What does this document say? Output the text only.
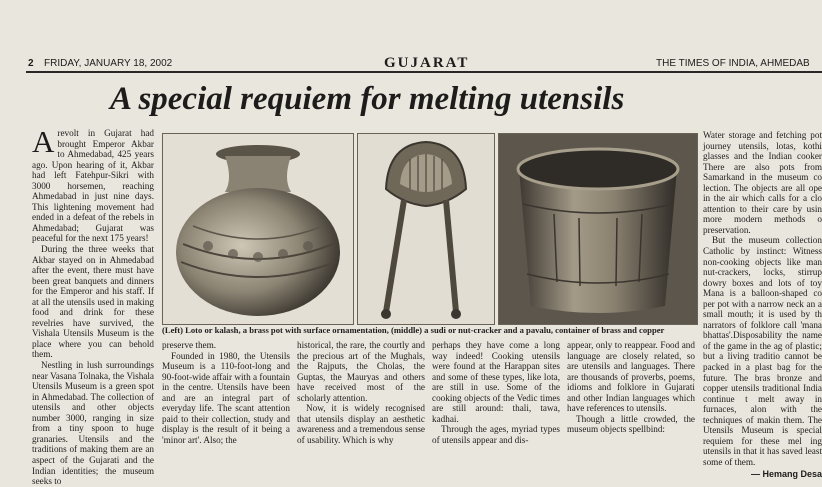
2 FRIDAY, JANUARY 18, 2002	GUJARAT	THE TIMES OF INDIA, AHMEDAB
A special requiem for melting utensils
A revolt in Gujarat had brought Emperor Akbar to Ahmedabad, 425 years ago. Upon hearing of it, Akbar had left Fatehpur-Sikri with 3000 horsemen, reaching Ahmedabad in just nine days. This lightening movement had ended in a defeat of the rebels in Ahmedabad; Gujarat was peaceful for the next 175 years!

During the three weeks that Akbar stayed on in Ahmedabad after the event, there must have been great banquets and dinners for the Emperor and his staff. If at all the utensils used in making food and drink for these revelries have survived, the Vishala Utensils Museum is the place where you can behold them.

Nestling in lush surroundings near Vasana Tolnaka, the Vishala Utensils Museum is a green spot in Ahmedabad. The collection of utensils and other objects number 3000, ranging in size from a tiny spoon to huge granaries. Utensils and the traditions of making them are an aspect of the Gujarati and the Indian identities; the museum seeks to

(Left) Loto or kalash, a brass pot with surface ornamentation, (middle) a sudi or nut-cracker and a pavalu, container of brass and copper

preserve them.

Founded in 1980, the Utensils Museum is a 110-foot-long and 90-foot-wide affair with a fountain in the centre. Utensils have been and are an integral part of everyday life. The scant attention paid to their collection, study and display is the result of it being a 'minor art'. Also; the

historical, the rare, the courtly and the precious art of the Mughals, the Rajputs, the Cholas, the Guptas, the Mauryas and others have received most of the scholarly attention.

Now, it is widely recognised that utensils display an aesthetic awareness and a tremendous sense of usability. Which is why

perhaps they have come a long way indeed! Cooking utensils were found at the Harappan sites and some of these types, like lota, are still in use. Some of the cooking objects of the Vedic times are still around: thali, tawa, kadhai.

Through the ages, myriad types of utensils appear and dis-

appear, only to reappear. Food and language are closely related, so are utensils and languages. There are thousands of proverbs, poems, idioms and folklore in Gujarati and other Indian languages which have references to utensils.

Though a little crowded, the museum objects spellbind:

Water storage and fetching pot journey utensils, lotas, kothi glasses and the Indian cooker There are also pots from Samarkand in the museum co lection. The objects are all ope in the air which calls for a clo attention to their care by usin more modern methods o preservation.

But the museum collection Catholic by instinct: Witness non-cooking objects like man nut-crackers, locks, stirrup dowry boxes and lots of toy Mana is a balloon-shaped co per pot with a narrow neck an a small mouth; it is used by th narrators of folklore call 'mana bhattas'.Disposability the name of the game in the ag of plastic; but a living traditio cannot be packed in a plast bag for the future. The bras bronze and copper utensils traditional India continue t melt away in furnaces, alon with the techniques of makin them. The Utensils Museum is special requiem for these mel ing utensils in that it has saved least some of them.

— Hemang Desa
